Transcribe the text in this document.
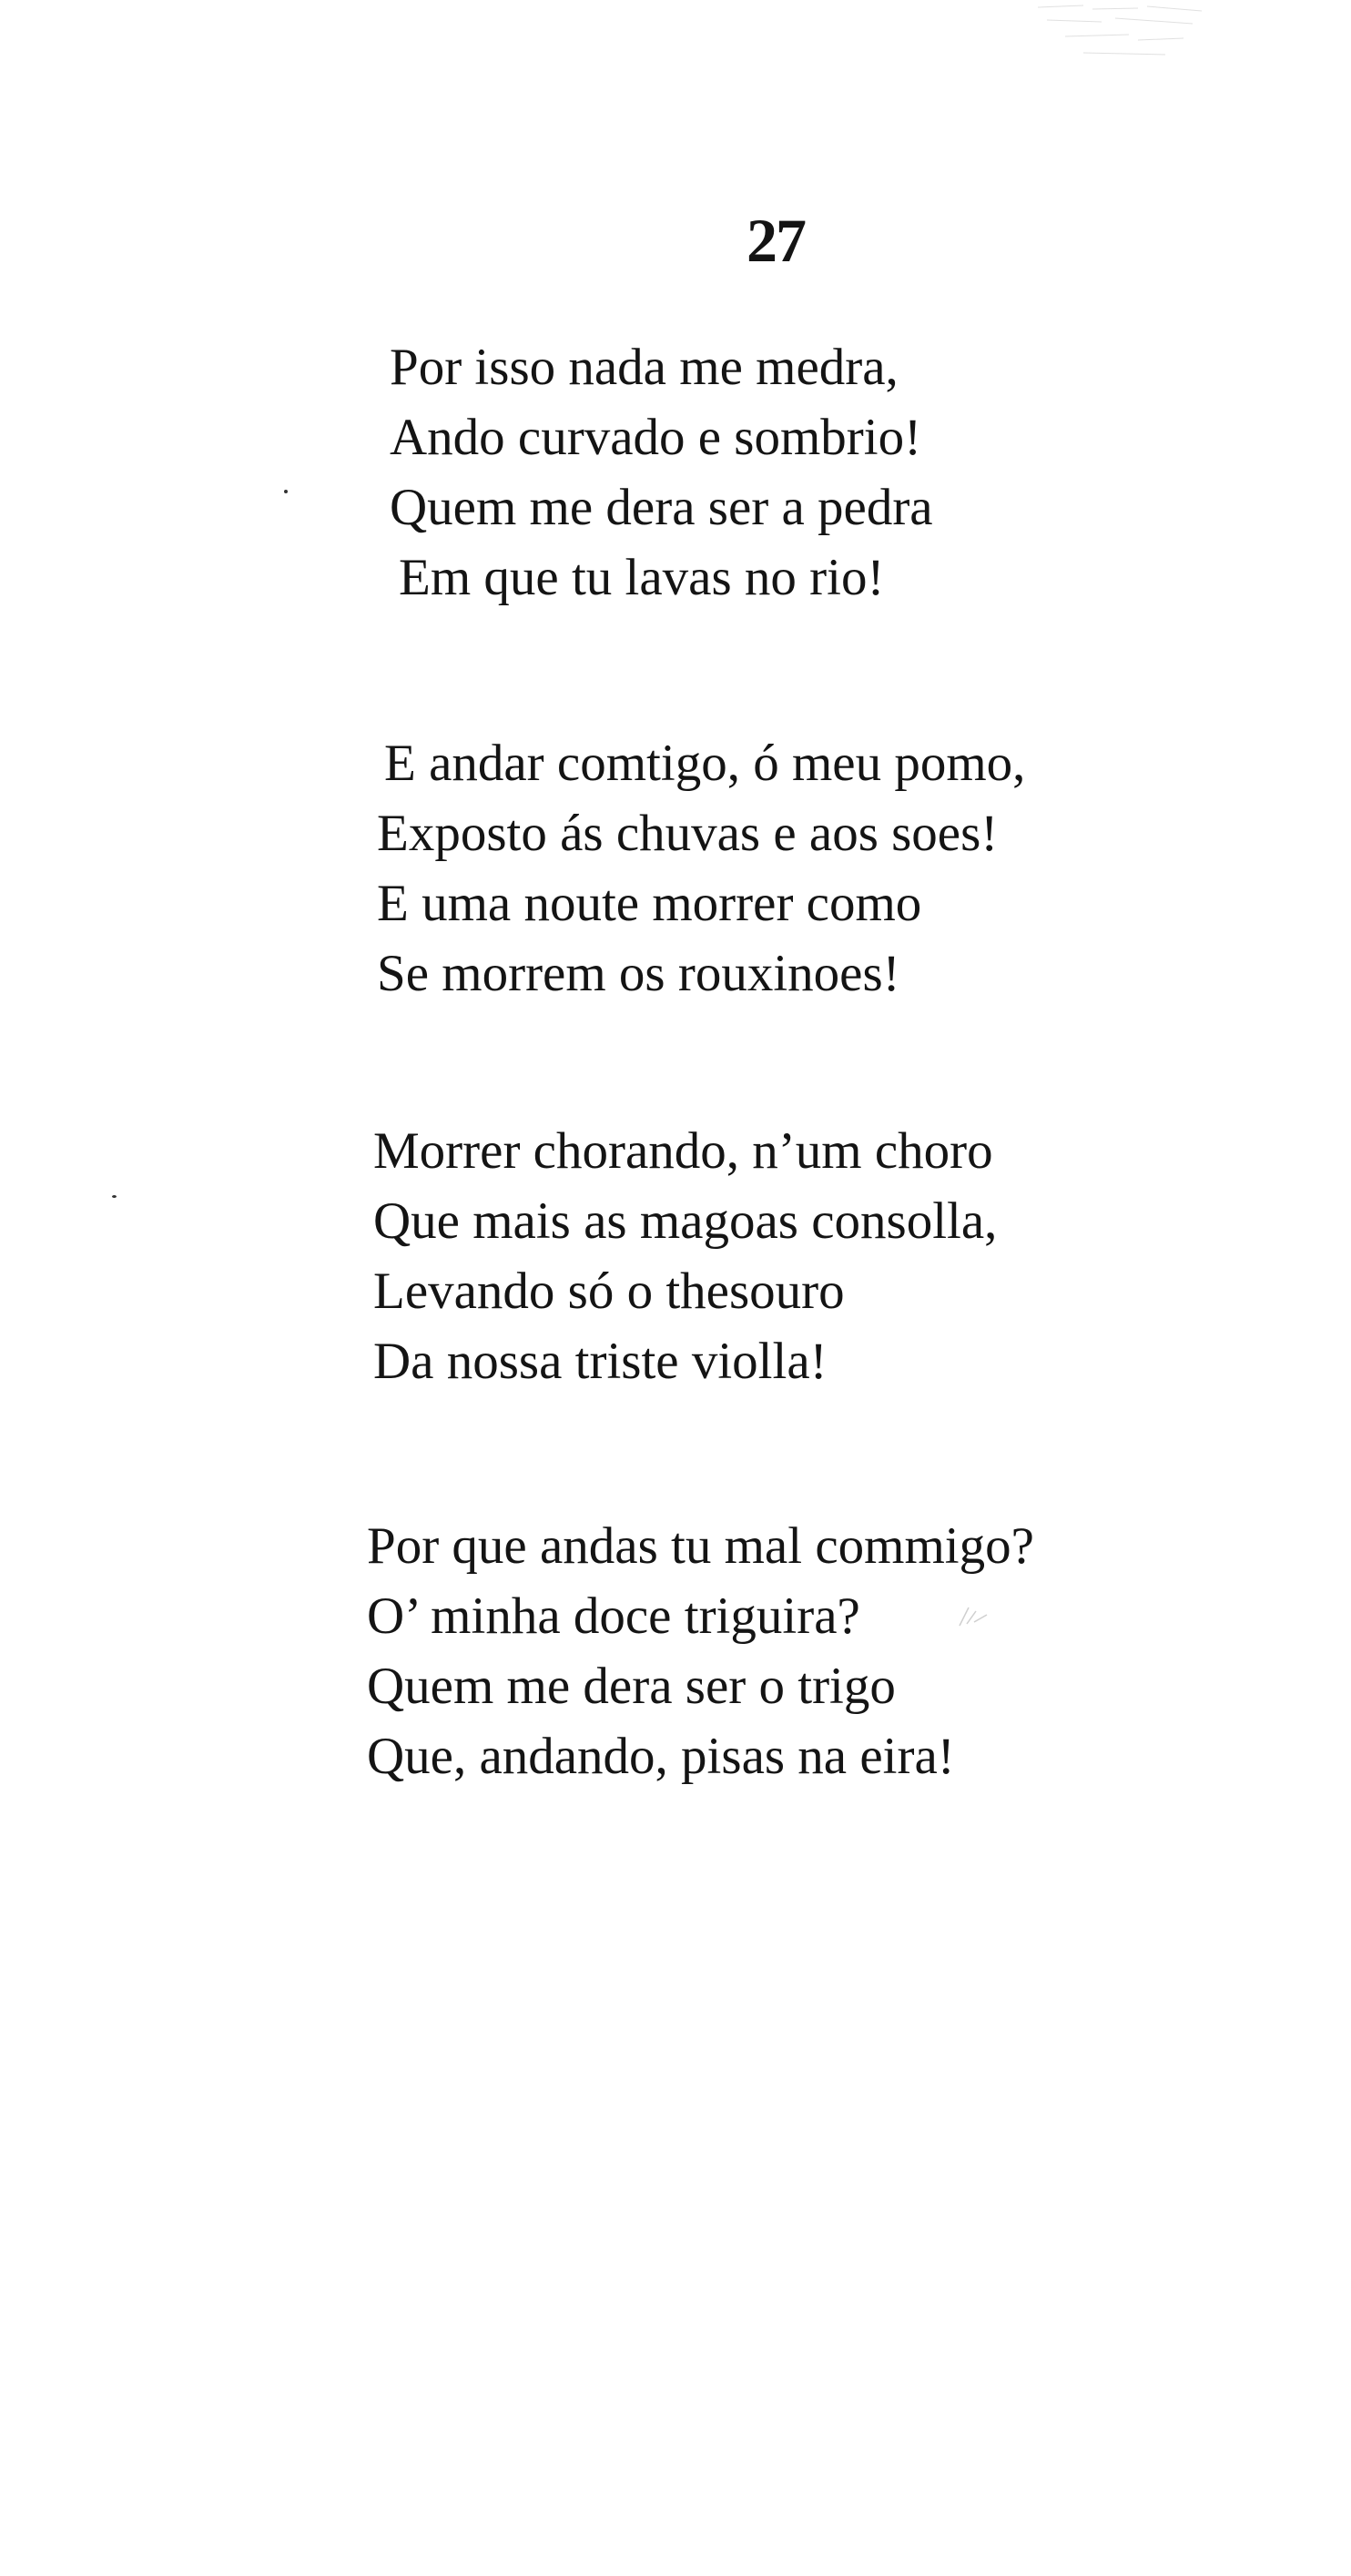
27
Por isso nada me medra,
Ando curvado e sombrio!
Quem me dera ser a pedra
Em que tu lavas no rio!
E andar comtigo, ó meu pomo,
Exposto ás chuvas e aos soes!
E uma noute morrer como
Se morrem os rouxinoes!
Morrer chorando, n’um choro
Que mais as magoas consolla,
Levando só o thesouro
Da nossa triste violla!
Por que andas tu mal commigo?
O’ minha doce triguira?
Quem me dera ser o trigo
Que, andando, pisas na eira!
